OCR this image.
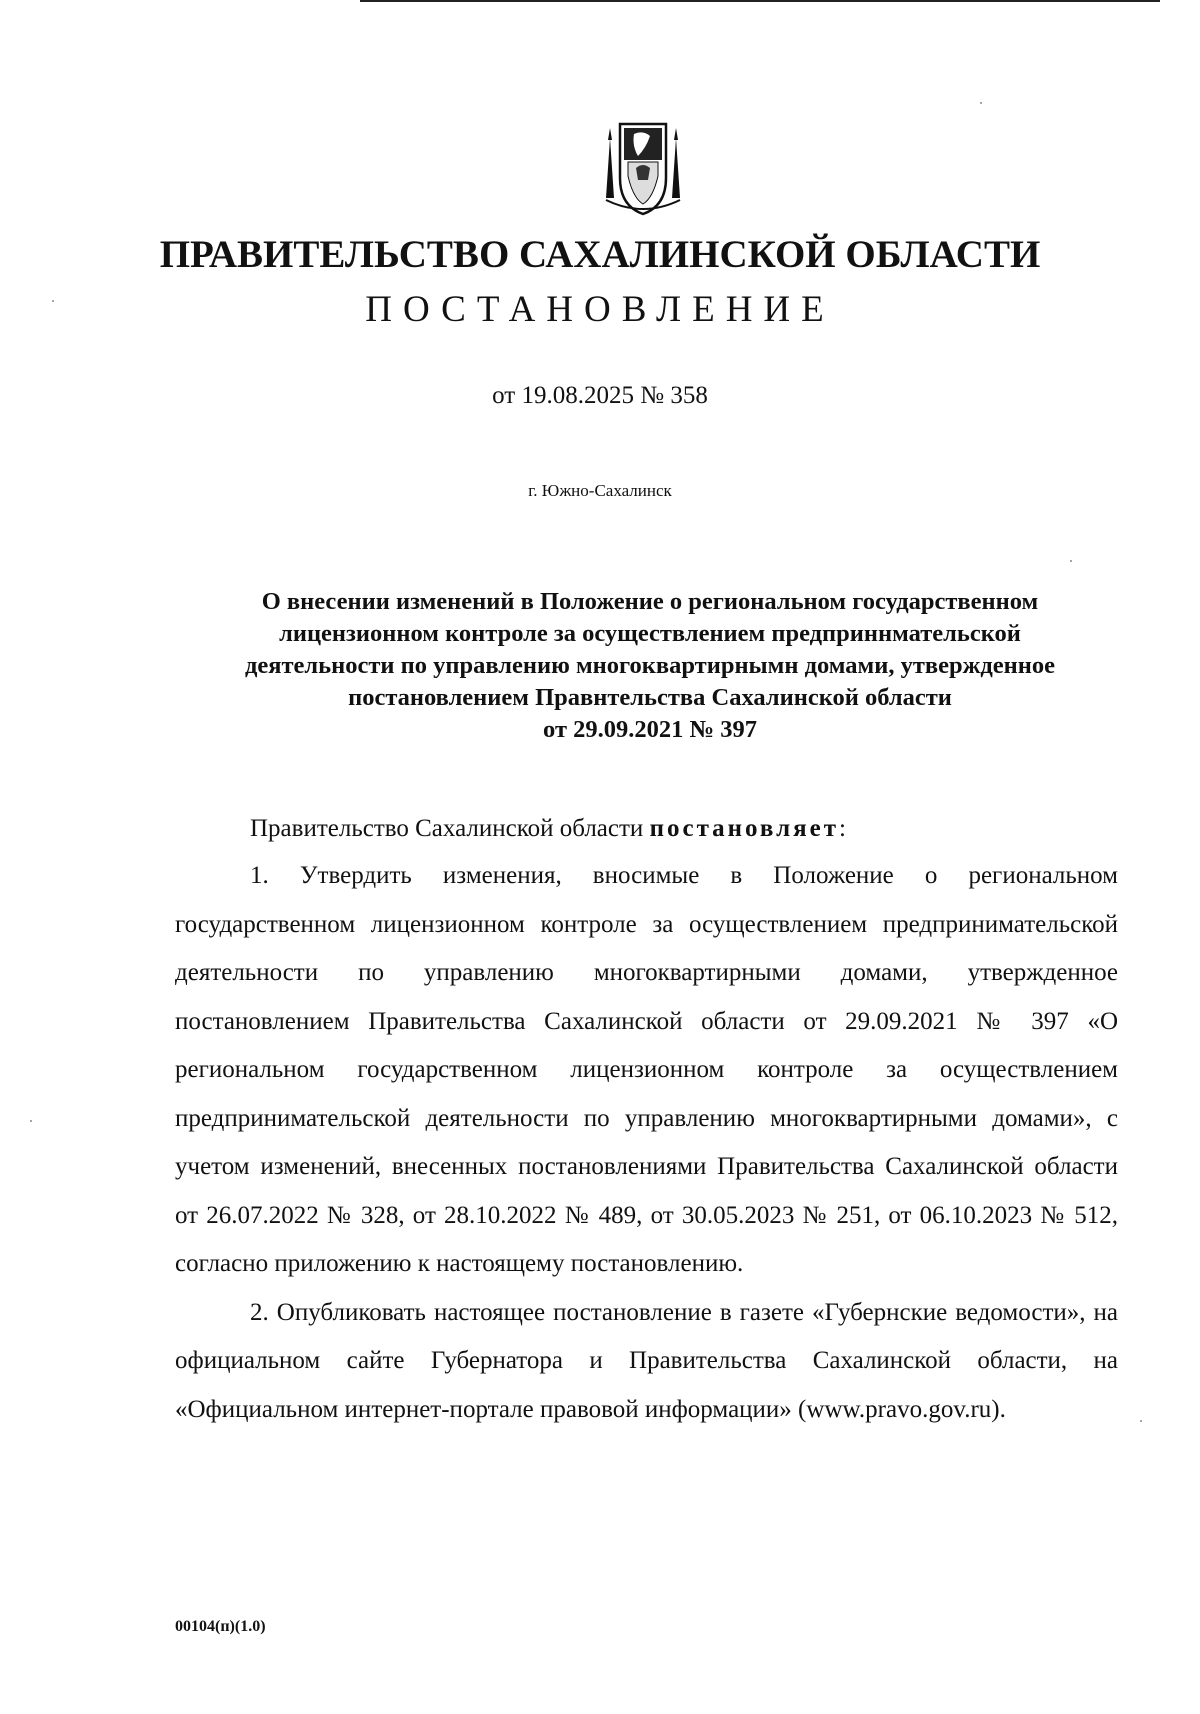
ПРАВИТЕЛЬСТВО САХАЛИНСКОЙ ОБЛАСТИ
ПОСТАНОВЛЕНИЕ
от 19.08.2025 № 358
г. Южно-Сахалинск
О внесении изменений в Положение о региональном государственном
лицензионном контроле за осуществлением предприннмательской
деятельности по управлению многоквартирнымн домами, утвержденное
постановлением Правнтельства Сахалинской области
от 29.09.2021 № 397

Правительство Сахалинской области постановляет:

1. Утвердить изменения, вносимые в Положение о региональном государственном лицензионном контроле за осуществлением предпринимательской деятельности по управлению многоквартирными домами, утвержденное постановлением Правительства Сахалинской области от 29.09.2021 № 397 «О региональном государственном лицензионном контроле за осуществлением предпринимательской деятельности по управлению многоквартирными домами», с учетом изменений, внесенных постановлениями Правительства Сахалинской области от 26.07.2022 № 328, от 28.10.2022 № 489, от 30.05.2023 № 251, от 06.10.2023 № 512, согласно приложению к настоящему постановлению.

2. Опубликовать настоящее постановление в газете «Губернские ведомости», на официальном сайте Губернатора и Правительства Сахалинской области, на «Официальном интернет-портале правовой информации» (www.pravo.gov.ru).

00104(п)(1.0)
